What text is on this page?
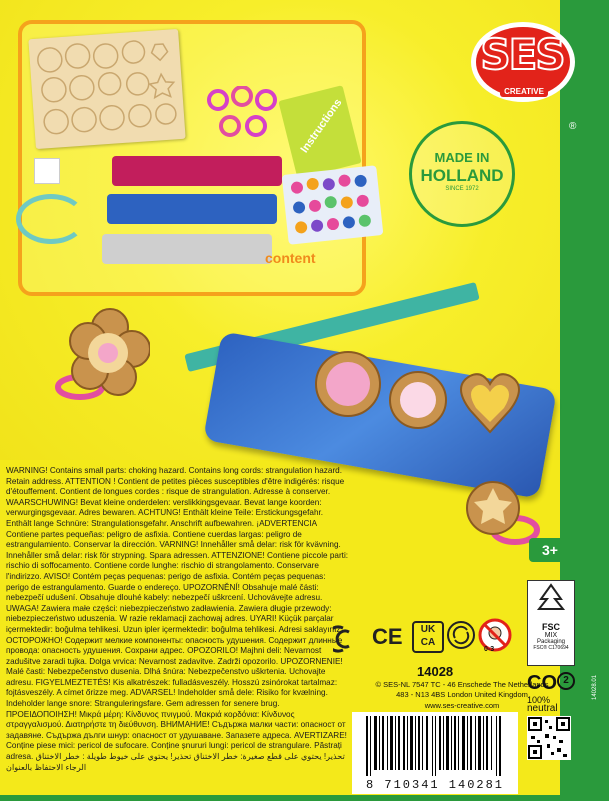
content
Instructions
SES
CREATIVE
®
MADE IN
HOLLAND
SINCE 1972
WARNING! Contains small parts: choking hazard. Contains long cords: strangulation hazard. Retain address. ATTENTION ! Contient de petites pièces susceptibles d'être indigérés: risque d'étouffement. Contient de longues cordes : risque de strangulation. Adresse à conserver. WAARSCHUWING! Bevat kleine onderdelen: verslikkingsgevaar. Bevat lange koorden: verwurgingsgevaar. Adres bewaren. ACHTUNG! Enthält kleine Teile: Erstickungsgefahr. Enthält lange Schnüre: Strangulationsgefahr. Anschrift aufbewahren. ¡ADVERTENCIA Contiene partes pequeñas: peligro de asfixia. Contiene cuerdas largas: peligro de estrangulamiento. Conservar la dirección. VARNING! Innehåller små delar: risk för kvävning. Innehåller små delar: risk för strypning. Spara adressen. ATTENZIONE! Contiene piccole parti: rischio di soffocamento. Contiene corde lunghe: rischio di strangolamento. Conservare l'indirizzo. AVISO! Contém peças pequenas: perigo de asfixia. Contém peças pequenas: perigo de estrangulamento. Guarde o endereço. UPOZORNĚNÍ! Obsahuje malé části: nebezpečí udušení. Obsahuje dlouhé kabely: nebezpečí uškrcení. Uchovávejte adresu. UWAGA! Zawiera małe części: niebezpieczeństwo zadławienia. Zawiera długie przewody: niebezpieczeństwo uduszenia. W razie reklamacji zachowaj adres. UYARI! Küçük parçalar içermektedir: boğulma tehlikesi. Uzun ipler içermektedir: boğulma tehlikesi. Adresi saklayınız. ОСТОРОЖНО! Содержит мелкие компоненты: опасность удушения. Содержит длинные провода: опасность удушения. Сохрани адрес. OPOZORILO! Majhni deli: Nevarnost zadušitve zaradi tujka. Dolga vrvica: Nevarnost zadavitve. Zadrži opozorilo. UPOZORNENIE! Malé časti: Nebezpečenstvo dusenia. Dlhá šnúra: Nebezpečenstvo uškrtenia. Uchovajte adresu. FIGYELMEZTETÉS! Kis alkatrészek: fulladásveszély. Hosszú zsinórokat tartalmaz: fojtásveszély. A címet őrizze meg. ADVARSEL! Indeholder små dele: Risiko for kvælning. Indeholder lange snore: Stranguleringsfare. Gem adressen for senere brug. ΠΡΟΕΙΔΟΠΟΙΗΣΗ! Μικρά μέρη: Κίνδυνος πνιγμού. Μακριά κορδόνια: Κίνδυνος στραγγαλισμού. Διατηρήστε τη διεύθυνση. ВНИМАНИЕ! Съдържа малки части: опасност от задавяне. Съдържа дълги шнур: опасност от удушаване. Запазете адреса. AVERTIZARE! Conține piese mici: pericol de sufocare. Conține șnururi lungi: pericol de strangulare. Păstrați adresa. تحذير! يحتوي على قطع صغيرة: خطر الاختناق تحذير! يحتوي على خيوط طويلة : خطر الاختناق الرجاء الاحتفاظ بالعنوان
CE	UK CA
0-3
14028
© SES-NL 7547 TC - 46 Enschede The Netherlands
483 - N13 4BS London United Kingdom
www.ses-creative.com
3+
FSC
MIX
Packaging
FSC® C170694
CO 2
100%
neutral
8 710341 140281
14028.01
